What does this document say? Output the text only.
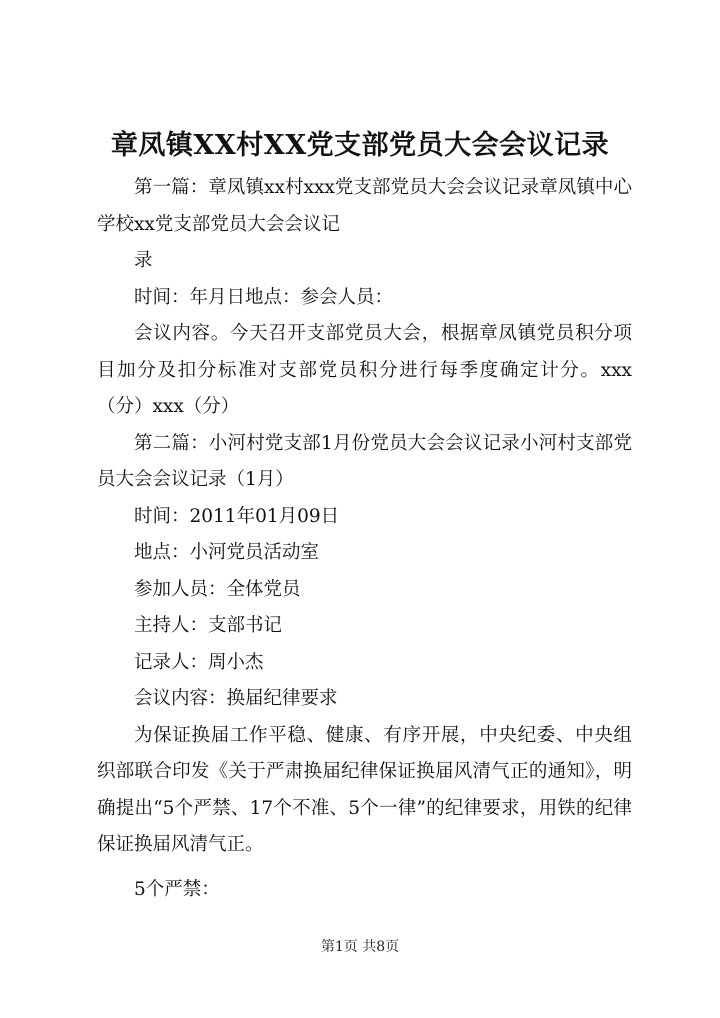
章凤镇XX村XX党支部党员大会会议记录

第一篇：章凤镇xx村xxx党支部党员大会会议记录章凤镇中心学校xx党支部党员大会会议记

录

时间：年月日地点：参会人员：

会议内容。今天召开支部党员大会，根据章凤镇党员积分项目加分及扣分标准对支部党员积分进行每季度确定计分。xxx（分）xxx（分）

第二篇：小河村党支部1月份党员大会会议记录小河村支部党员大会会议记录（1月）

时间：2011年01月09日

地点：小河党员活动室

参加人员：全体党员

主持人：支部书记

记录人：周小杰

会议内容：换届纪律要求

为保证换届工作平稳、健康、有序开展，中央纪委、中央组织部联合印发《关于严肃换届纪律保证换届风清气正的通知》，明确提出“5个严禁、17个不准、5个一律”的纪律要求，用铁的纪律保证换届风清气正。

5个严禁：

第1页 共8页
